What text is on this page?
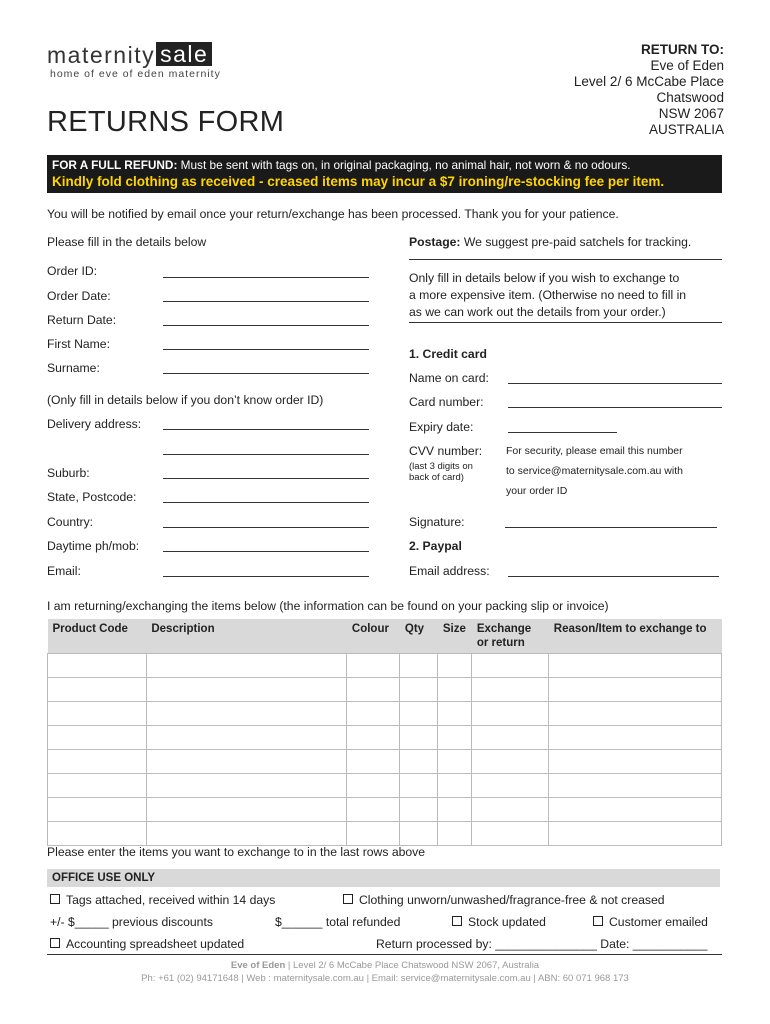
maternity sale
home of eve of eden maternity
RETURNS FORM
RETURN TO:
Eve of Eden
Level 2/ 6 McCabe Place
Chatswood
NSW 2067
AUSTRALIA
FOR A FULL REFUND: Must be sent with tags on, in original packaging, no animal hair, not worn & no odours.
Kindly fold clothing as received - creased items may incur a $7 ironing/re-stocking fee per item.
You will be notified by email once your return/exchange has been processed. Thank you for your patience.
Please fill in the details below
Order ID:
Order Date:
Return Date:
First Name:
Surname:
(Only fill in details below if you don’t know order ID)
Delivery address:
Suburb:
State, Postcode:
Country:
Daytime ph/mob:
Email:
Postage: We suggest pre-paid satchels for tracking.
Only fill in details below if you wish to exchange to
a more expensive item. (Otherwise no need to fill in
as we can work out the details from your order.)
1. Credit card
Name on card:
Card number:
Expiry date:
CVV number:
(last 3 digits on
back of card)
For security, please email this number
to service@maternitysale.com.au with
your order ID
Signature:
2. Paypal
Email address:
I am returning/exchanging the items below (the information can be found on your packing slip or invoice)
Product Code	Description	Colour	Qty	Size	Exchange or return	Reason/Item to exchange to

Please enter the items you want to exchange to in the last rows above
OFFICE USE ONLY
Tags attached, received within 14 days	Clothing unworn/unwashed/fragrance-free & not creased
+/- $_____ previous discounts	$______ total refunded	Stock updated	Customer emailed
Accounting spreadsheet updated	Return processed by: _______________ Date: ___________
Eve of Eden | Level 2/ 6 McCabe Place Chatswood NSW 2067, Australia
Ph: +61 (02) 94171648 | Web : maternitysale.com.au | Email: service@maternitysale.com.au | ABN: 60 071 968 173
